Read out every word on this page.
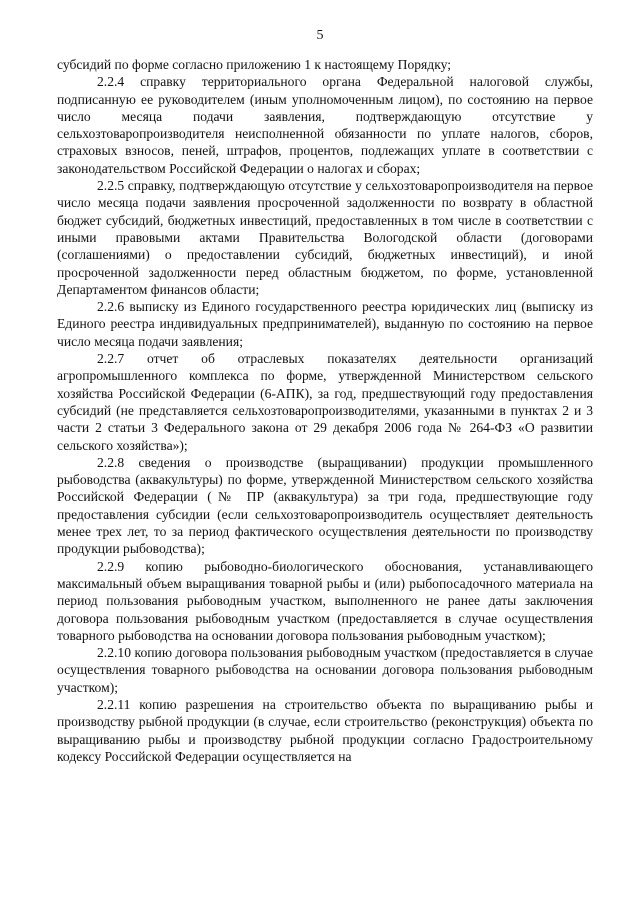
5

субсидий по форме согласно приложению 1 к настоящему Порядку;

2.2.4 справку территориального органа Федеральной налоговой службы, подписанную ее руководителем (иным уполномоченным лицом), по состоянию на первое число месяца подачи заявления, подтверждающую отсутствие у сельхозтоваропроизводителя неисполненной обязанности по уплате налогов, сборов, страховых взносов, пеней, штрафов, процентов, подлежащих уплате в соответствии с законодательством Российской Федерации о налогах и сборах;

2.2.5 справку, подтверждающую отсутствие у сельхозтоваропроизводителя на первое число месяца подачи заявления просроченной задолженности по возврату в областной бюджет субсидий, бюджетных инвестиций, предоставленных в том числе в соответствии с иными правовыми актами Правительства Вологодской области (договорами (соглашениями) о предоставлении субсидий, бюджетных инвестиций), и иной просроченной задолженности перед областным бюджетом, по форме, установленной Департаментом финансов области;

2.2.6 выписку из Единого государственного реестра юридических лиц (выписку из Единого реестра индивидуальных предпринимателей), выданную по состоянию на первое число месяца подачи заявления;

2.2.7 отчет об отраслевых показателях деятельности организаций агропромышленного комплекса по форме, утвержденной Министерством сельского хозяйства Российской Федерации (6-АПК), за год, предшествующий году предоставления субсидий (не представляется сельхозтоваропроизводителями, указанными в пунктах 2 и 3 части 2 статьи 3 Федерального закона от 29 декабря 2006 года № 264-ФЗ «О развитии сельского хозяйства»);

2.2.8 сведения о производстве (выращивании) продукции промышленного рыбоводства (аквакультуры) по форме, утвержденной Министерством сельского хозяйства Российской Федерации (№ ПР (аквакультура) за три года, предшествующие году предоставления субсидии (если сельхозтоваропроизводитель осуществляет деятельность менее трех лет, то за период фактического осуществления деятельности по производству продукции рыбоводства);

2.2.9 копию рыбоводно-биологического обоснования, устанавливающего максимальный объем выращивания товарной рыбы и (или) рыбопосадочного материала на период пользования рыбоводным участком, выполненного не ранее даты заключения договора пользования рыбоводным участком (предоставляется в случае осуществления товарного рыбоводства на основании договора пользования рыбоводным участком);

2.2.10 копию договора пользования рыбоводным участком (предоставляется в случае осуществления товарного рыбоводства на основании договора пользования рыбоводным участком);

2.2.11 копию разрешения на строительство объекта по выращиванию рыбы и производству рыбной продукции (в случае, если строительство (реконструкция) объекта по выращиванию рыбы и производству рыбной продукции согласно Градостроительному кодексу Российской Федерации осуществляется на
